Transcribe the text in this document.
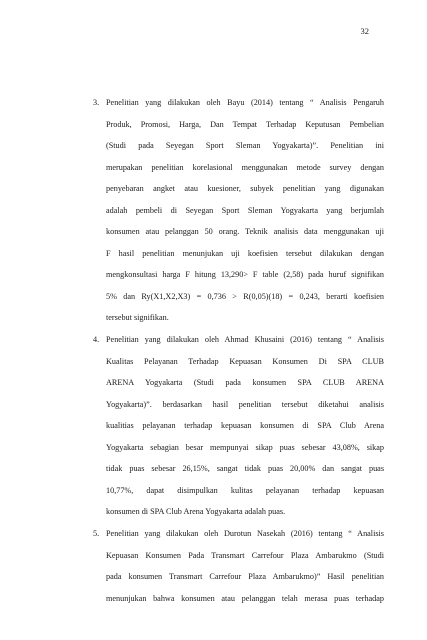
32
3. Penelitian yang dilakukan oleh Bayu (2014) tentang “ Analisis Pengaruh
Produk, Promosi, Harga, Dan Tempat Terhadap Keputusan Pembelian
(Studi pada Seyegan Sport Sleman Yogyakarta)”. Penelitian ini
merupakan penelitian korelasional menggunakan metode survey dengan
penyebaran angket atau kuesioner, subyek penelitian yang digunakan
adalah pembeli di Seyegan Sport Sleman Yogyakarta yang berjumlah
konsumen atau pelanggan 50 orang. Teknik analisis data menggunakan uji
F hasil penelitian menunjukan uji koefisien tersebut dilakukan dengan
mengkonsultasi harga F hitung 13,290> F table (2,58) pada huruf signifikan
5% dan Ry(X1,X2,X3) = 0,736 > R(0,05)(18) = 0,243, berarti koefisien
tersebut signifikan.
4. Penelitian yang dilakukan oleh Ahmad Khusaini (2016) tentang “ Analisis
Kualitas Pelayanan Terhadap Kepuasan Konsumen Di SPA CLUB
ARENA Yogyakarta (Studi pada konsumen SPA CLUB ARENA
Yogyakarta)”. berdasarkan hasil penelitian tersebut diketahui analisis
kualitias pelayanan terhadap kepuasan konsumen di SPA Club Arena
Yogyakarta sebagian besar mempunyai sikap puas sebesar 43,08%, sikap
tidak puas sebesar 26,15%, sangat tidak puas 20,00% dan sangat puas
10,77%, dapat disimpulkan kulitas pelayanan terhadap kepuasan
konsumen di SPA Club Arena Yogyakarta adalah puas.
5. Penelitian yang dilakukan oleh Durotun Nasekah (2016) tentang “ Analisis
Kepuasan Konsumen Pada Transmart Carrefour Plaza Ambarukmo (Studi
pada konsumen Transmart Carrefour Plaza Ambarukmo)” Hasil penelitian
menunjukan bahwa konsumen atau pelanggan telah merasa puas terhadap
